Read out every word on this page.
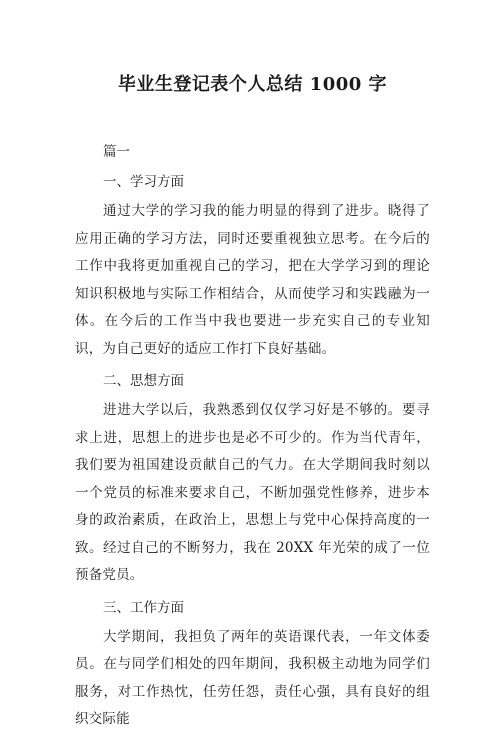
毕业生登记表个人总结 1000 字
篇一
一、学习方面

通过大学的学习我的能力明显的得到了进步。晓得了应用正确的学习方法，同时还要重视独立思考。在今后的工作中我将更加重视自己的学习，把在大学学习到的理论知识积极地与实际工作相结合，从而使学习和实践融为一体。在今后的工作当中我也要进一步充实自己的专业知识，为自己更好的适应工作打下良好基础。

二、思想方面

进进大学以后，我熟悉到仅仅学习好是不够的。要寻求上进，思想上的进步也是必不可少的。作为当代青年，我们要为祖国建设贡献自己的气力。在大学期间我时刻以一个党员的标准来要求自己，不断加强党性修养，进步本身的政治素质，在政治上，思想上与党中心保持高度的一致。经过自己的不断努力，我在 20XX 年光荣的成了一位预备党员。

三、工作方面

大学期间，我担负了两年的英语课代表，一年文体委员。在与同学们相处的四年期间，我积极主动地为同学们服务，对工作热忱，任劳任怨，责任心强，具有良好的组织交际能
